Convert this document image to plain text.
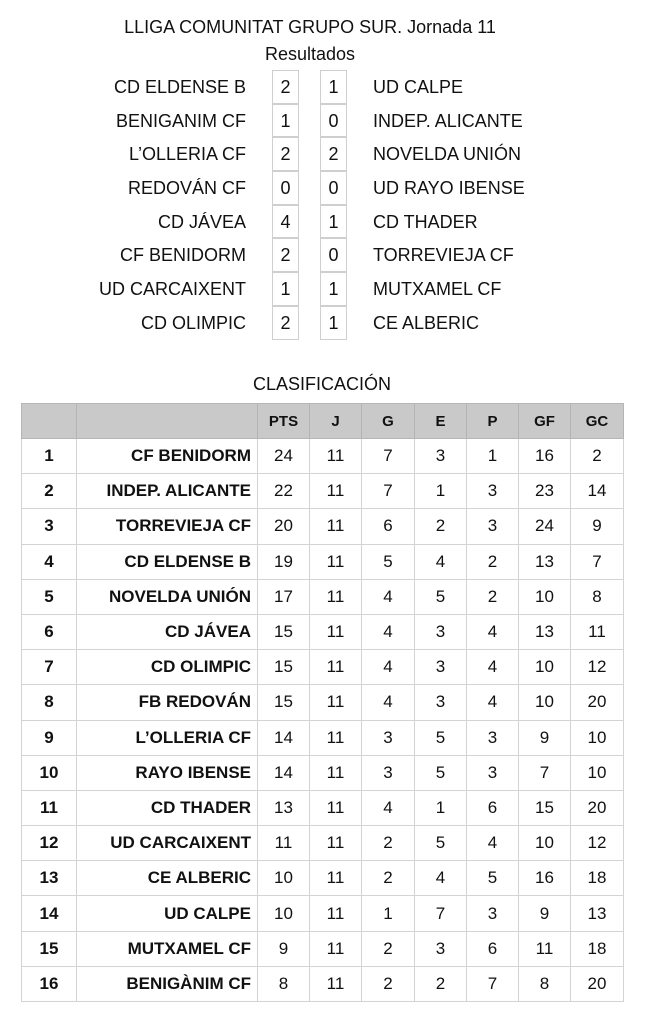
LLIGA COMUNITAT GRUPO SUR. Jornada 11
Resultados
CD ELDENSE B	2	1	UD CALPE
BENIGANIM CF	1	0	INDEP. ALICANTE
L’OLLERIA CF	2	2	NOVELDA UNIÓN
REDOVÁN CF	0	0	UD RAYO IBENSE
CD JÁVEA	4	1	CD THADER
CF BENIDORM	2	0	TORREVIEJA CF
UD CARCAIXENT	1	1	MUTXAMEL CF
CD OLIMPIC	2	1	CE ALBERIC
CLASIFICACIÓN
		PTS	J	G	E	P	GF	GC
1	CF BENIDORM	24	11	7	3	1	16	2
2	INDEP. ALICANTE	22	11	7	1	3	23	14
3	TORREVIEJA CF	20	11	6	2	3	24	9
4	CD ELDENSE B	19	11	5	4	2	13	7
5	NOVELDA UNIÓN	17	11	4	5	2	10	8
6	CD JÁVEA	15	11	4	3	4	13	11
7	CD OLIMPIC	15	11	4	3	4	10	12
8	FB REDOVÁN	15	11	4	3	4	10	20
9	L’OLLERIA CF	14	11	3	5	3	9	10
10	RAYO IBENSE	14	11	3	5	3	7	10
11	CD THADER	13	11	4	1	6	15	20
12	UD CARCAIXENT	11	11	2	5	4	10	12
13	CE ALBERIC	10	11	2	4	5	16	18
14	UD CALPE	10	11	1	7	3	9	13
15	MUTXAMEL CF	9	11	2	3	6	11	18
16	BENIGÀNIM CF	8	11	2	2	7	8	20
